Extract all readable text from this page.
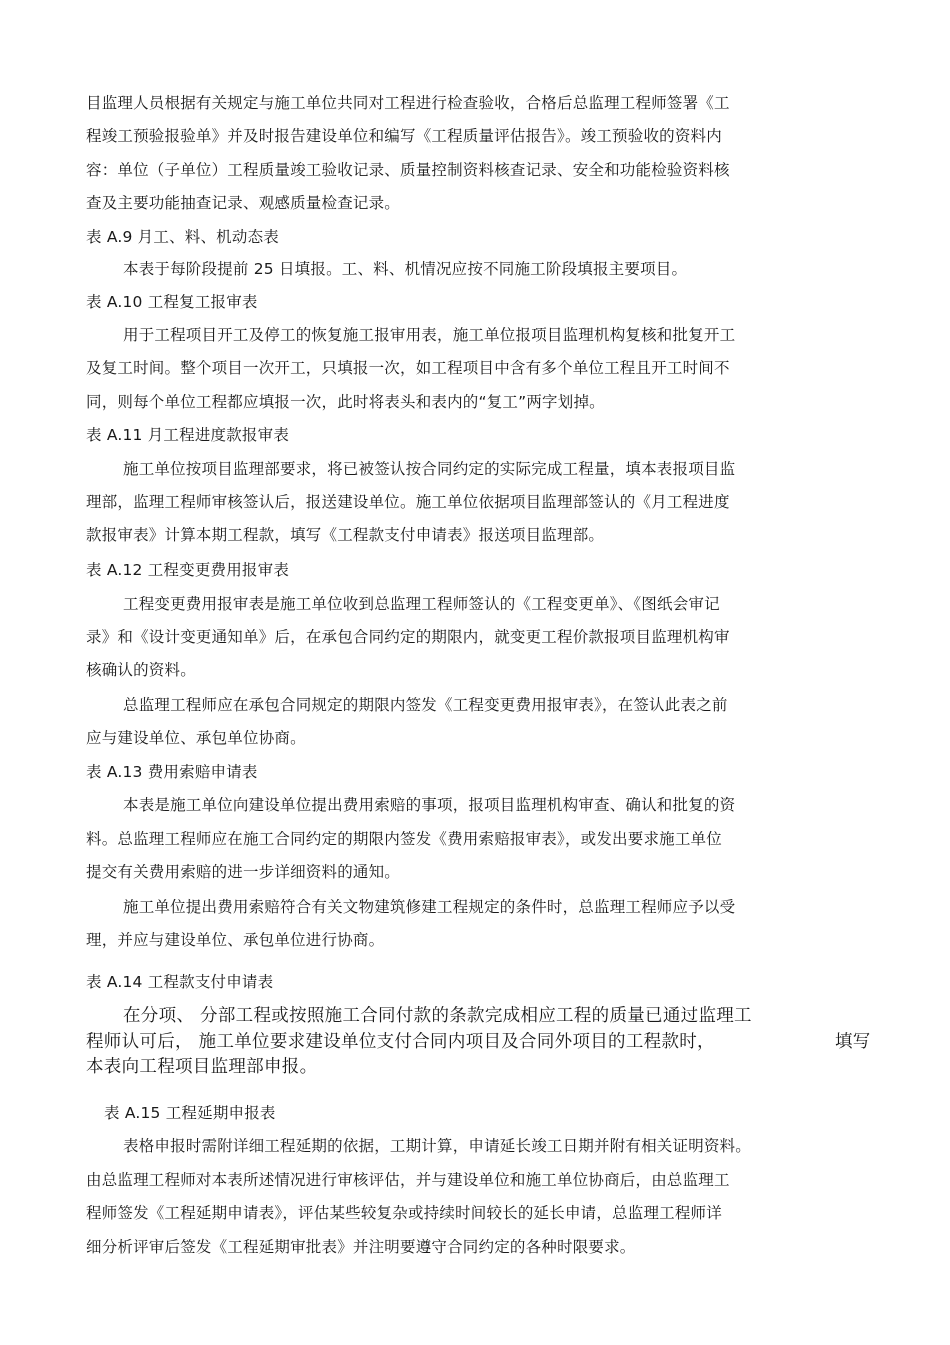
目监理人员根据有关规定与施工单位共同对工程进行检查验收，合格后总监理工程师签署《工
程竣工预验报验单》并及时报告建设单位和编写《工程质量评估报告》。竣工预验收的资料内
容：单位（子单位）工程质量竣工验收记录、质量控制资料核查记录、安全和功能检验资料核
查及主要功能抽查记录、观感质量检查记录。
表 A.9 月工、料、机动态表
本表于每阶段提前 25 日填报。工、料、机情况应按不同施工阶段填报主要项目。
表 A.10 工程复工报审表
用于工程项目开工及停工的恢复施工报审用表，施工单位报项目监理机构复核和批复开工
及复工时间。整个项目一次开工，只填报一次，如工程项目中含有多个单位工程且开工时间不
同，则每个单位工程都应填报一次，此时将表头和表内的“复工”两字划掉。
表 A.11 月工程进度款报审表
施工单位按项目监理部要求，将已被签认按合同约定的实际完成工程量，填本表报项目监
理部，监理工程师审核签认后，报送建设单位。施工单位依据项目监理部签认的《月工程进度
款报审表》计算本期工程款，填写《工程款支付申请表》报送项目监理部。
表 A.12 工程变更费用报审表
工程变更费用报审表是施工单位收到总监理工程师签认的《工程变更单》、《图纸会审记
录》和《设计变更通知单》后，在承包合同约定的期限内，就变更工程价款报项目监理机构审
核确认的资料。
总监理工程师应在承包合同规定的期限内签发《工程变更费用报审表》，在签认此表之前
应与建设单位、承包单位协商。
表 A.13 费用索赔申请表
本表是施工单位向建设单位提出费用索赔的事项，报项目监理机构审查、确认和批复的资
料。总监理工程师应在施工合同约定的期限内签发《费用索赔报审表》，或发出要求施工单位
提交有关费用索赔的进一步详细资料的通知。
施工单位提出费用索赔符合有关文物建筑修建工程规定的条件时，总监理工程师应予以受
理，并应与建设单位、承包单位进行协商。
表 A.14 工程款支付申请表
在分项、 分部工程或按照施工合同付款的条款完成相应工程的质量已通过监理工
程师认可后， 施工单位要求建设单位支付合同内项目及合同外项目的工程款时，	填写
本表向工程项目监理部申报。
表 A.15 工程延期申报表
表格申报时需附详细工程延期的依据，工期计算，申请延长竣工日期并附有相关证明资料。
由总监理工程师对本表所述情况进行审核评估，并与建设单位和施工单位协商后，由总监理工
程师签发《工程延期申请表》，评估某些较复杂或持续时间较长的延长申请，总监理工程师详
细分析评审后签发《工程延期审批表》并注明要遵守合同约定的各种时限要求。
